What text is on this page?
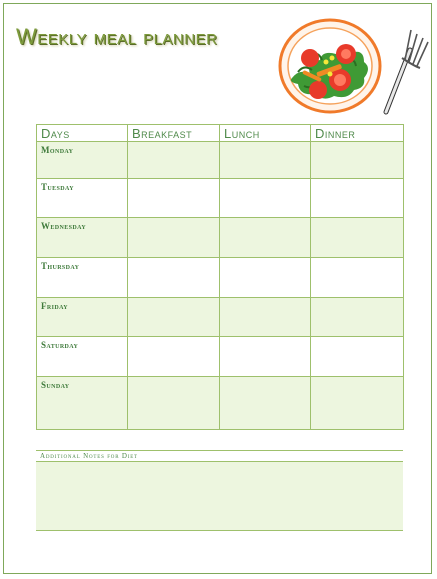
Weekly meal planner
Days	Breakfast	Lunch	Dinner
Monday			
Tuesday			
Wednesday			
Thursday			
Friday			
Saturday			
Sunday			
Additional Notes for Diet
